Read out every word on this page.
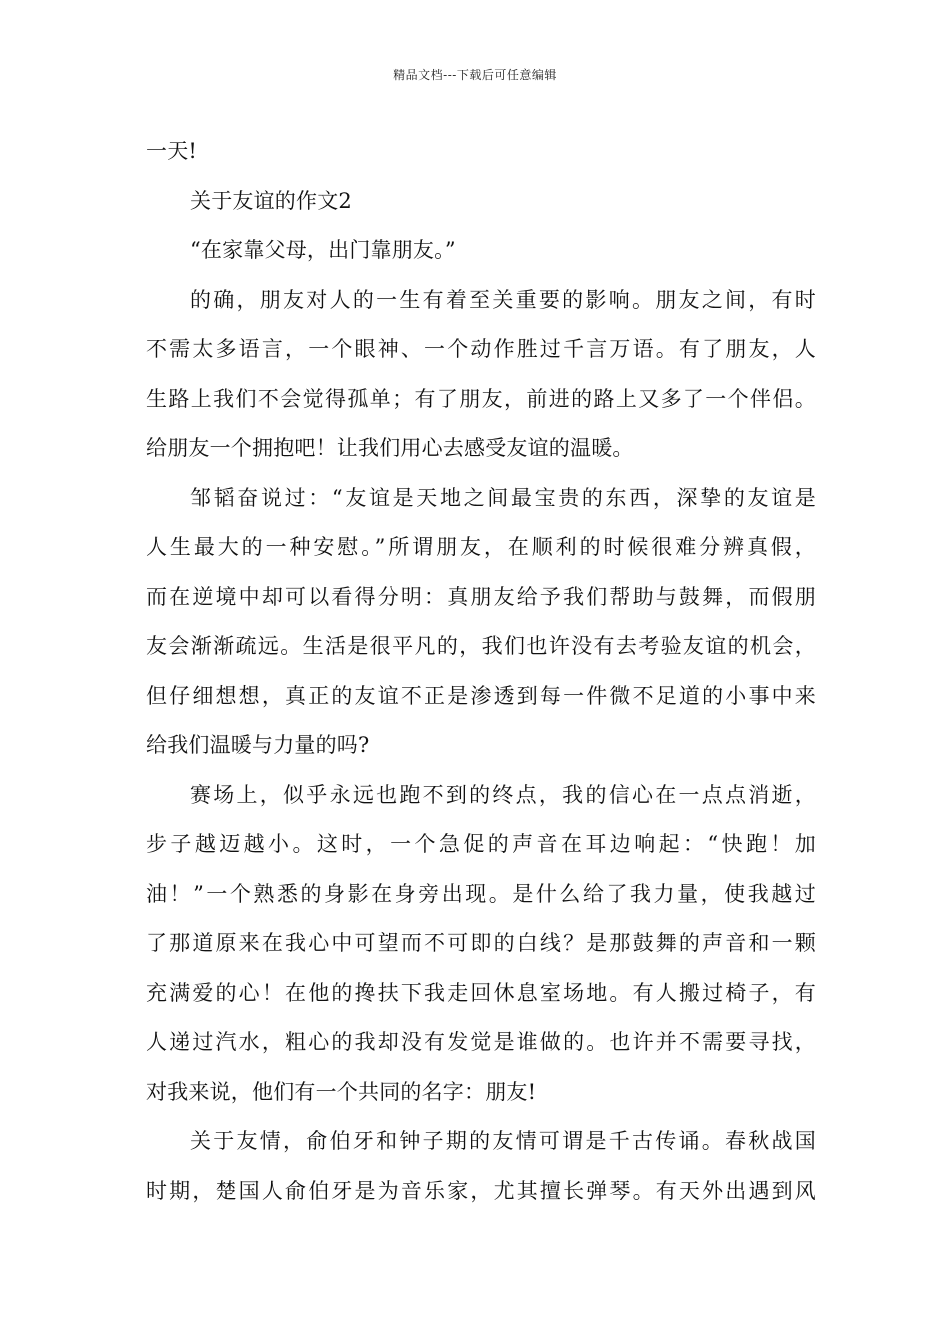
精品文档---下载后可任意编辑
一天!
关于友谊的作文2
“在家靠父母，出门靠朋友。”
的确，朋友对人的一生有着至关重要的影响。朋友之间，有时
不需太多语言，一个眼神、一个动作胜过千言万语。有了朋友，人
生路上我们不会觉得孤单；有了朋友，前进的路上又多了一个伴侣。
给朋友一个拥抱吧！让我们用心去感受友谊的温暖。
邹韬奋说过：“友谊是天地之间最宝贵的东西，深挚的友谊是
人生最大的一种安慰。”所谓朋友，在顺利的时候很难分辨真假，
而在逆境中却可以看得分明：真朋友给予我们帮助与鼓舞，而假朋
友会渐渐疏远。生活是很平凡的，我们也许没有去考验友谊的机会，
但仔细想想，真正的友谊不正是渗透到每一件微不足道的小事中来
给我们温暖与力量的吗?
赛场上，似乎永远也跑不到的终点，我的信心在一点点消逝，
步子越迈越小。这时，一个急促的声音在耳边响起：“快跑！加
油！”一个熟悉的身影在身旁出现。是什么给了我力量，使我越过
了那道原来在我心中可望而不可即的白线？是那鼓舞的声音和一颗
充满爱的心！在他的搀扶下我走回休息室场地。有人搬过椅子，有
人递过汽水，粗心的我却没有发觉是谁做的。也许并不需要寻找，
对我来说，他们有一个共同的名字：朋友!
关于友情，俞伯牙和钟子期的友情可谓是千古传诵。春秋战国
时期，楚国人俞伯牙是为音乐家，尤其擅长弹琴。有天外出遇到风
